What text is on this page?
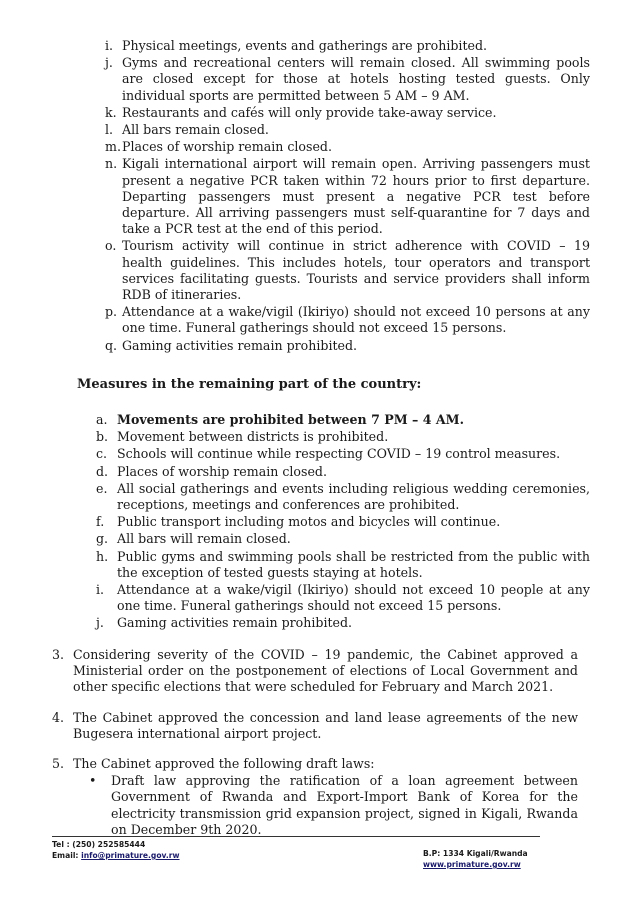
i. Physical meetings, events and gatherings are prohibited.
j. Gyms and recreational centers will remain closed. All swimming pools are closed except for those at hotels hosting tested guests. Only individual sports are permitted between 5 AM – 9 AM.
k. Restaurants and cafés will only provide take-away service.
l. All bars remain closed.
m. Places of worship remain closed.
n. Kigali international airport will remain open. Arriving passengers must present a negative PCR taken within 72 hours prior to first departure. Departing passengers must present a negative PCR test before departure. All arriving passengers must self-quarantine for 7 days and take a PCR test at the end of this period.
o. Tourism activity will continue in strict adherence with COVID – 19 health guidelines. This includes hotels, tour operators and transport services facilitating guests. Tourists and service providers shall inform RDB of itineraries.
p. Attendance at a wake/vigil (Ikiriyo) should not exceed 10 persons at any one time. Funeral gatherings should not exceed 15 persons.
q. Gaming activities remain prohibited.
Measures in the remaining part of the country:
a. Movements are prohibited between 7 PM – 4 AM.
b. Movement between districts is prohibited.
c. Schools will continue while respecting COVID – 19 control measures.
d. Places of worship remain closed.
e. All social gatherings and events including religious wedding ceremonies, receptions, meetings and conferences are prohibited.
f. Public transport including motos and bicycles will continue.
g. All bars will remain closed.
h. Public gyms and swimming pools shall be restricted from the public with the exception of tested guests staying at hotels.
i. Attendance at a wake/vigil (Ikiriyo) should not exceed 10 people at any one time. Funeral gatherings should not exceed 15 persons.
j. Gaming activities remain prohibited.
3. Considering severity of the COVID – 19 pandemic, the Cabinet approved a Ministerial order on the postponement of elections of Local Government and other specific elections that were scheduled for February and March 2021.
4. The Cabinet approved the concession and land lease agreements of the new Bugesera international airport project.
5. The Cabinet approved the following draft laws:
• Draft law approving the ratification of a loan agreement between Government of Rwanda and Export-Import Bank of Korea for the electricity transmission grid expansion project, signed in Kigali, Rwanda on December 9th 2020.
Tel : (250) 252585444
Email: info@primature.gov.rw	B.P: 1334 Kigali/Rwanda
www.primature.gov.rw
